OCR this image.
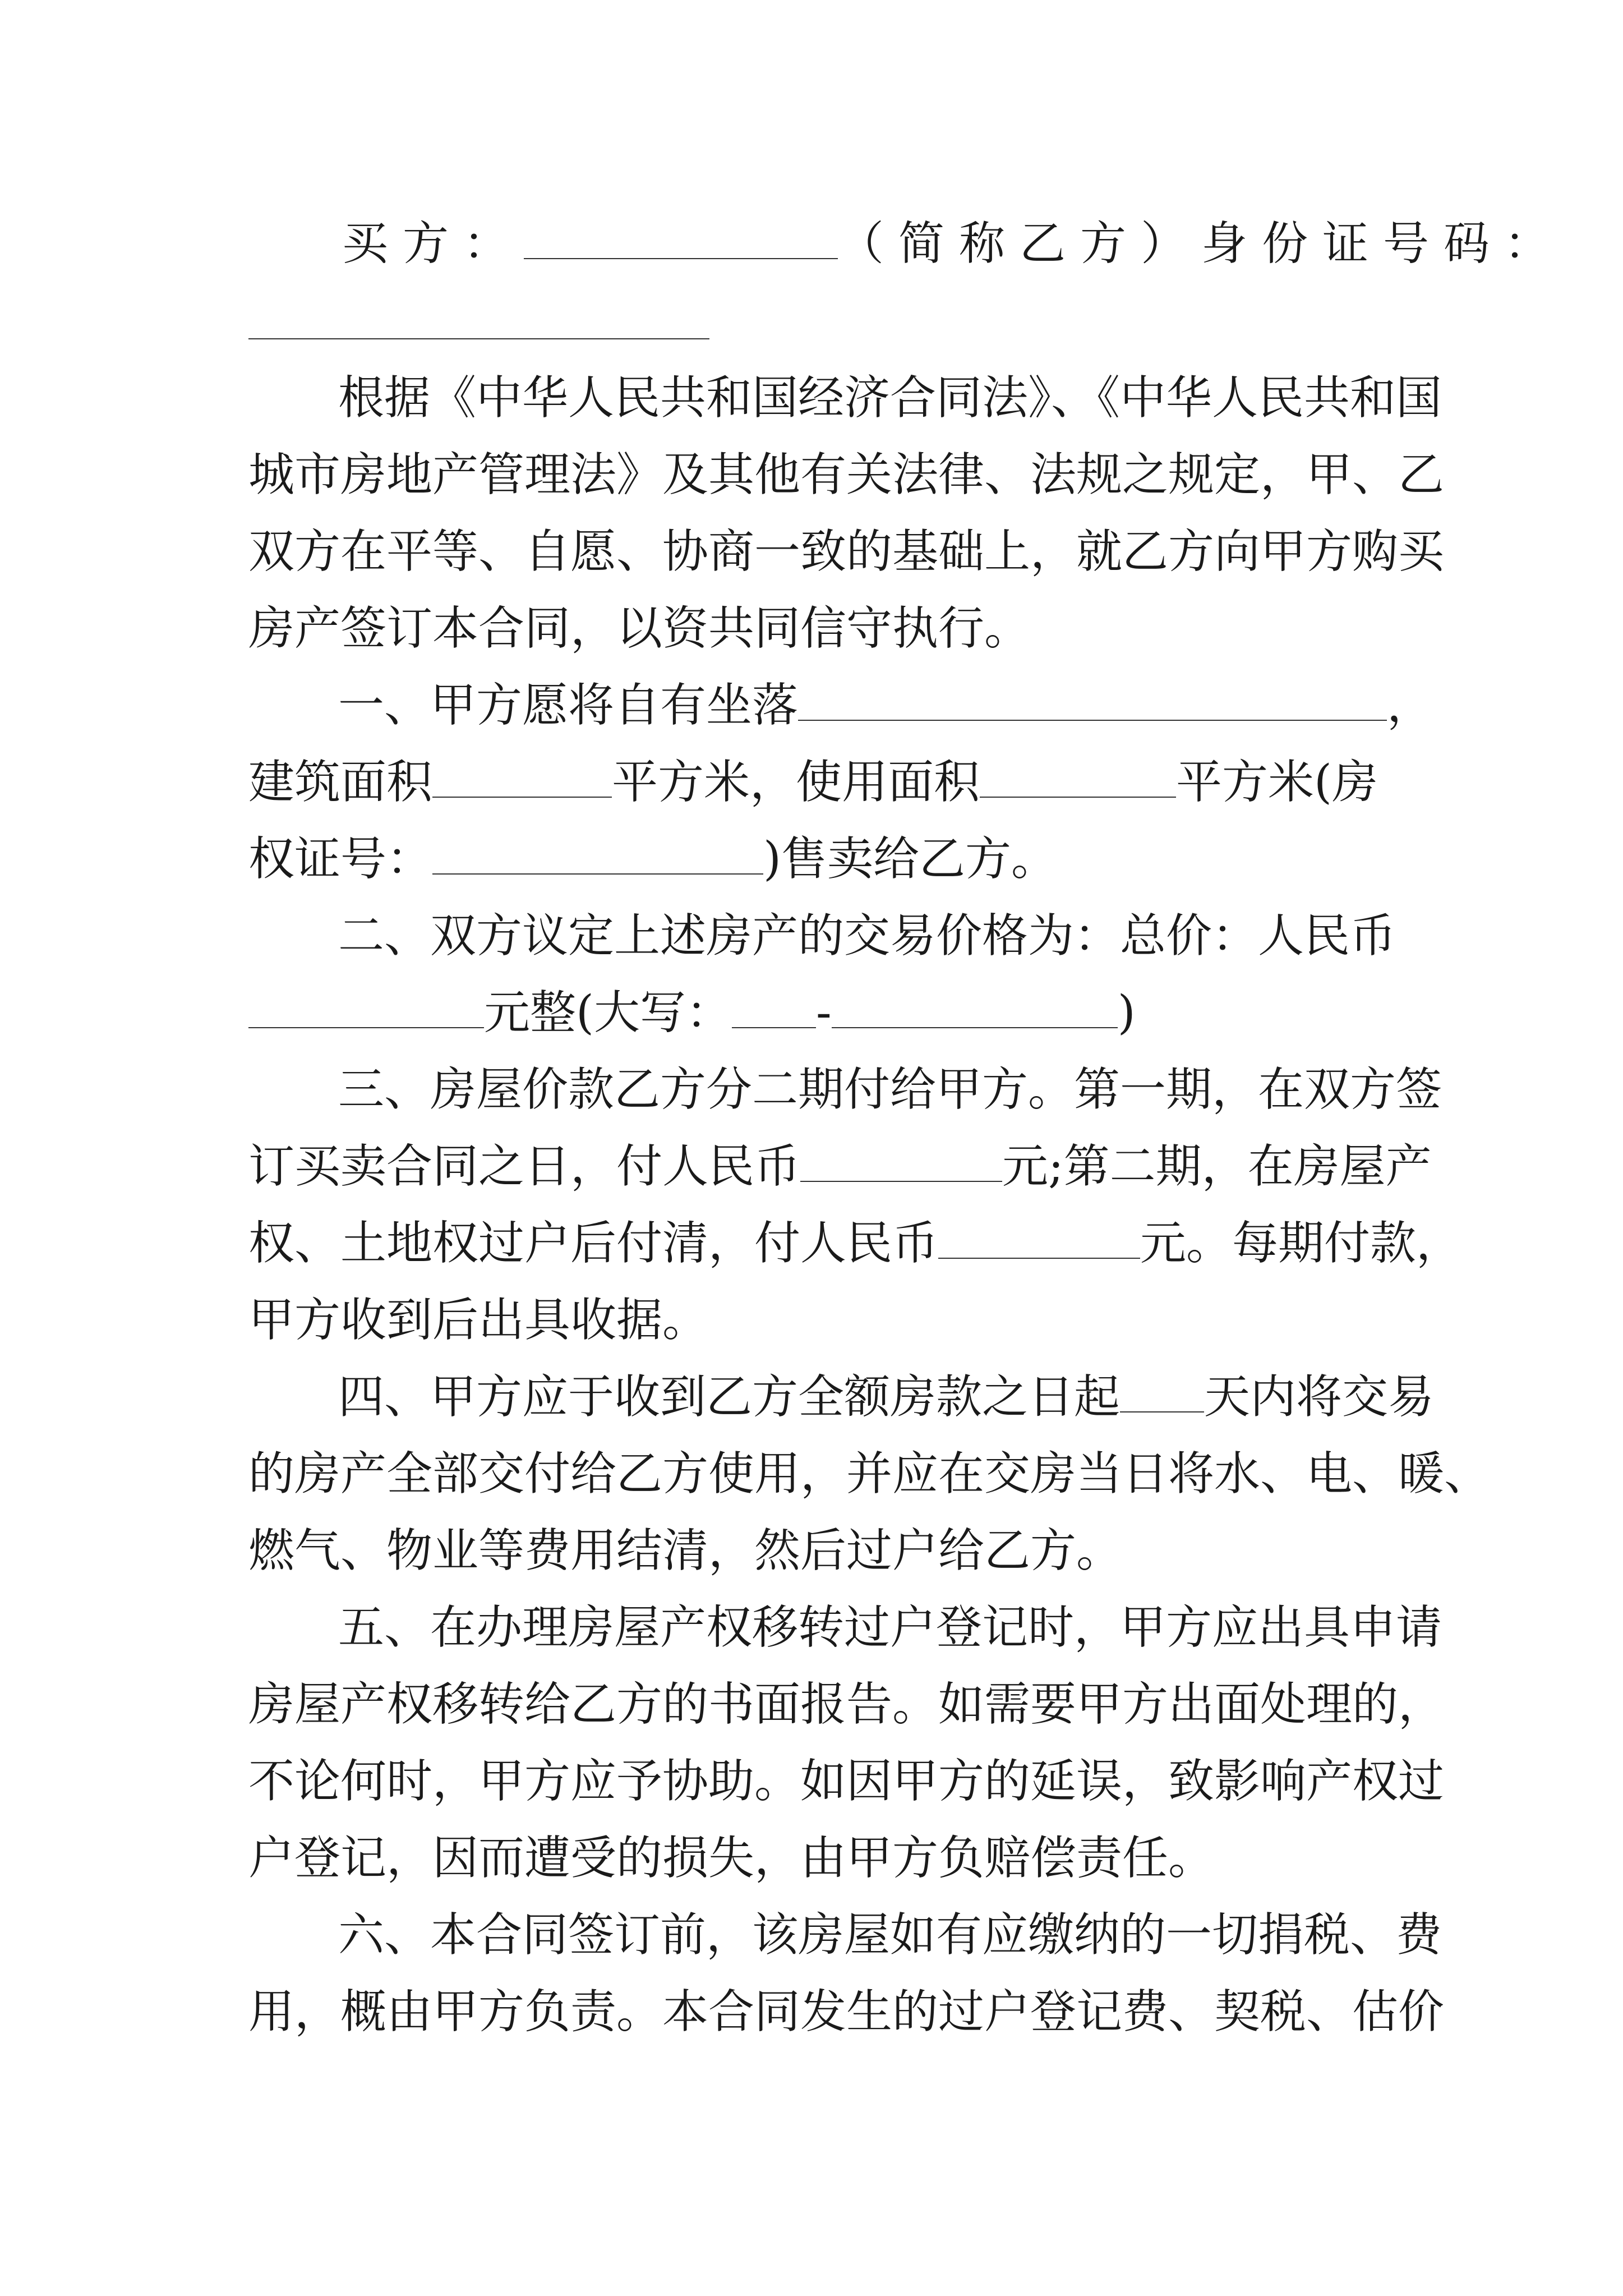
买方：	（简称乙方）身份证号码：
根据《中华人民共和国经济合同法》、《中华人民共和国
城市房地产管理法》及其他有关法律、法规之规定，甲、乙
双方在平等、自愿、协商一致的基础上，就乙方向甲方购买
房产签订本合同，以资共同信守执行。
一、甲方愿将自有坐落	，
建筑面积	平方米，使用面积	平方米(房
权证号：	)售卖给乙方。
二、双方议定上述房产的交易价格为：总价：人民币
元整(大写： -	)
三、房屋价款乙方分二期付给甲方。第一期，在双方签
订买卖合同之日，付人民币	元;第二期，在房屋产
权、土地权过户后付清，付人民币	元。每期付款，
甲方收到后出具收据。
四、甲方应于收到乙方全额房款之日起 天内将交易
的房产全部交付给乙方使用，并应在交房当日将水、电、暖、
燃气、物业等费用结清，然后过户给乙方。
五、在办理房屋产权移转过户登记时，甲方应出具申请
房屋产权移转给乙方的书面报告。如需要甲方出面处理的，
不论何时，甲方应予协助。如因甲方的延误，致影响产权过
户登记，因而遭受的损失，由甲方负赔偿责任。
六、本合同签订前，该房屋如有应缴纳的一切捐税、费
用，概由甲方负责。本合同发生的过户登记费、契税、估价
